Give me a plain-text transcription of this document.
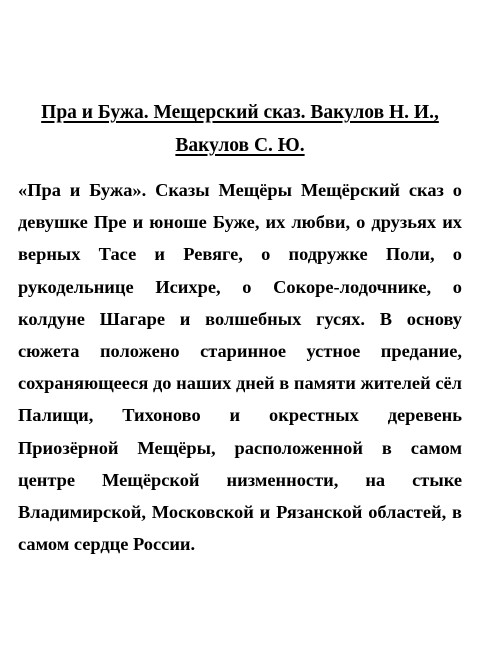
Пра и Бужа. Мещерский сказ. Вакулов Н. И., Вакулов С. Ю.

«Пра и Бужа». Сказы Мещёры Мещёрский сказ о девушке Пре и юноше Буже, их любви, о друзьях их верных Тасе и Ревяге, о подружке Поли, о рукодельнице Исихре, о Сокоре-лодочнике, о колдуне Шагаре и волшебных гусях. В основу сюжета положено старинное устное предание, сохраняющееся до наших дней в памяти жителей сёл Палищи, Тихоново и окрестных деревень Приозёрной Мещёры, расположенной в самом центре Мещёрской низменности, на стыке Владимирской, Московской и Рязанской областей, в самом сердце России.
